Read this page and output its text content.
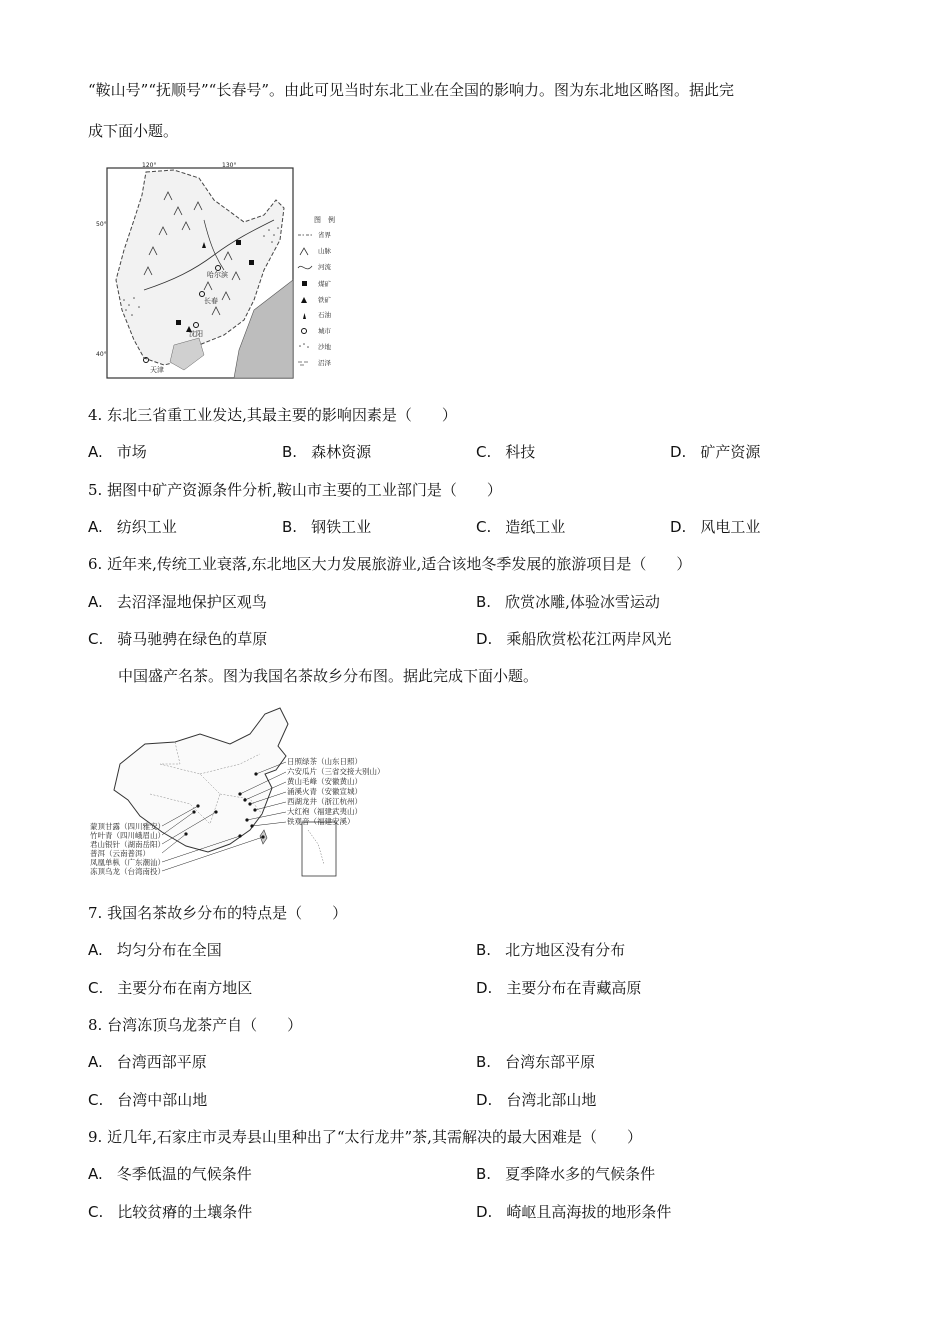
“鞍山号”“抚顺号”“长春号”。由此可见当时东北工业在全国的影响力。图为东北地区略图。据此完
成下面小题。
120°	130°
50°
40°
哈尔滨
长春
沈阳
天津
图　例
省界
山脉
河流
煤矿
铁矿
石油
城市
沙地
沼泽
4. 东北三省重工业发达,其最主要的影响因素是（　　）
A. 市场	B. 森林资源	C. 科技	D. 矿产资源
5. 据图中矿产资源条件分析,鞍山市主要的工业部门是（　　）
A. 纺织工业	B. 钢铁工业	C. 造纸工业	D. 风电工业
6. 近年来,传统工业衰落,东北地区大力发展旅游业,适合该地冬季发展的旅游项目是（　　）
A. 去沼泽湿地保护区观鸟	B. 欣赏冰雕,体验冰雪运动
C. 骑马驰骋在绿色的草原	D. 乘船欣赏松花江两岸风光
中国盛产名茶。图为我国名茶故乡分布图。据此完成下面小题。
日照绿茶（山东日照）
六安瓜片（三省交接大别山）
黄山毛峰（安徽黄山）
涌溪火青（安徽宣城）
西湖龙井（浙江杭州）
大红袍（福建武夷山）
铁观音（福建安溪）
蒙顶甘露（四川雅安）
竹叶青（四川峨眉山）
君山银针（湖南岳阳）
普洱（云南普洱）
凤凰单枞（广东潮汕）
冻顶乌龙（台湾南投）
7. 我国名茶故乡分布的特点是（　　）
A. 均匀分布在全国	B. 北方地区没有分布
C. 主要分布在南方地区	D. 主要分布在青藏高原
8. 台湾冻顶乌龙茶产自（　　）
A. 台湾西部平原	B. 台湾东部平原
C. 台湾中部山地	D. 台湾北部山地
9. 近几年,石家庄市灵寿县山里种出了“太行龙井”茶,其需解决的最大困难是（　　）
A. 冬季低温的气候条件	B. 夏季降水多的气候条件
C. 比较贫瘠的土壤条件	D. 崎岖且高海拔的地形条件
